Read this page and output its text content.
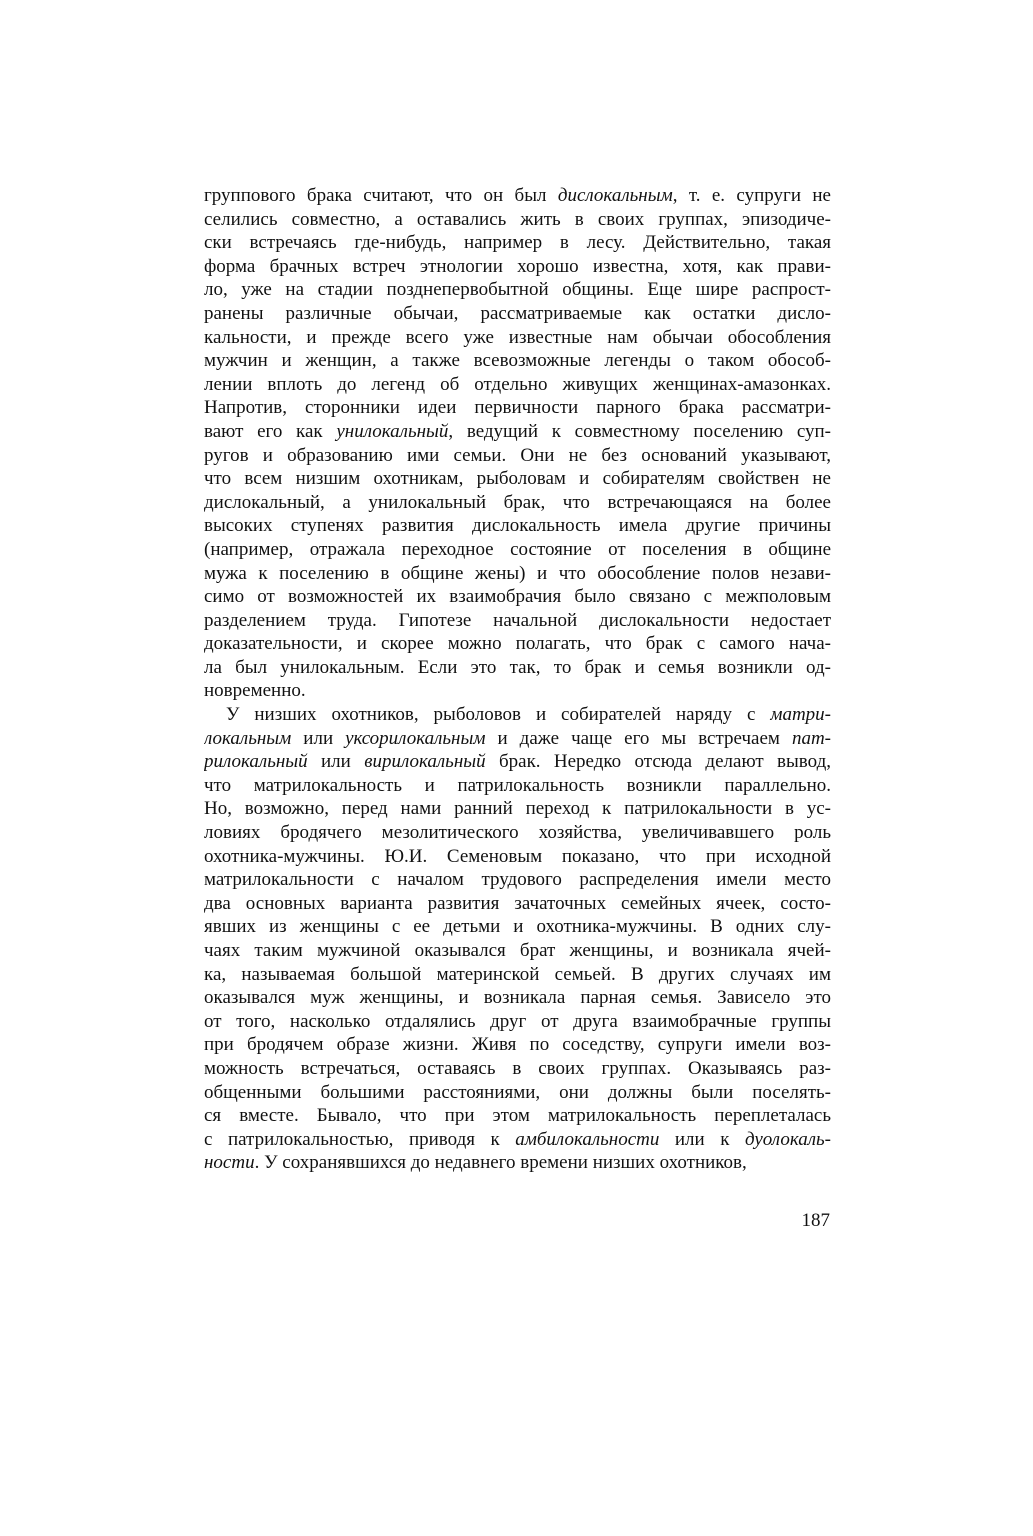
группового брака считают, что он был дислокальным, т. е. супруги не
селились совместно, а оставались жить в своих группах, эпизодиче-
ски встречаясь где-нибудь, например в лесу. Действительно, такая
форма брачных встреч этнологии хорошо известна, хотя, как прави-
ло, уже на стадии позднепервобытной общины. Еще шире распрост-
ранены различные обычаи, рассматриваемые как остатки дисло-
кальности, и прежде всего уже известные нам обычаи обособления
мужчин и женщин, а также всевозможные легенды о таком обособ-
лении вплоть до легенд об отдельно живущих женщинах-амазонках.
Напротив, сторонники идеи первичности парного брака рассматри-
вают его как унилокальный, ведущий к совместному поселению суп-
ругов и образованию ими семьи. Они не без оснований указывают,
что всем низшим охотникам, рыболовам и собирателям свойствен не
дислокальный, а унилокальный брак, что встречающаяся на более
высоких ступенях развития дислокальность имела другие причины
(например, отражала переходное состояние от поселения в общине
мужа к поселению в общине жены) и что обособление полов незави-
симо от возможностей их взаимобрачия было связано с межполовым
разделением труда. Гипотезе начальной дислокальности недостает
доказательности, и скорее можно полагать, что брак с самого нача-
ла был унилокальным. Если это так, то брак и семья возникли од-
новременно.
У низших охотников, рыболовов и собирателей наряду с матри-
локальным или уксорилокальным и даже чаще его мы встречаем пат-
рилокальный или вирилокальный брак. Нередко отсюда делают вывод,
что матрилокальность и патрилокальность возникли параллельно.
Но, возможно, перед нами ранний переход к патрилокальности в ус-
ловиях бродячего мезолитического хозяйства, увеличивавшего роль
охотника-мужчины. Ю.И. Семеновым показано, что при исходной
матрилокальности с началом трудового распределения имели место
два основных варианта развития зачаточных семейных ячеек, состо-
явших из женщины с ее детьми и охотника-мужчины. В одних слу-
чаях таким мужчиной оказывался брат женщины, и возникала ячей-
ка, называемая большой материнской семьей. В других случаях им
оказывался муж женщины, и возникала парная семья. Зависело это
от того, насколько отдалялись друг от друга взаимобрачные группы
при бродячем образе жизни. Живя по соседству, супруги имели воз-
можность встречаться, оставаясь в своих группах. Оказываясь раз-
общенными большими расстояниями, они должны были поселять-
ся вместе. Бывало, что при этом матрилокальность переплеталась
с патрилокальностью, приводя к амбилокальности или к дуолокаль-
ности. У сохранявшихся до недавнего времени низших охотников,
187
